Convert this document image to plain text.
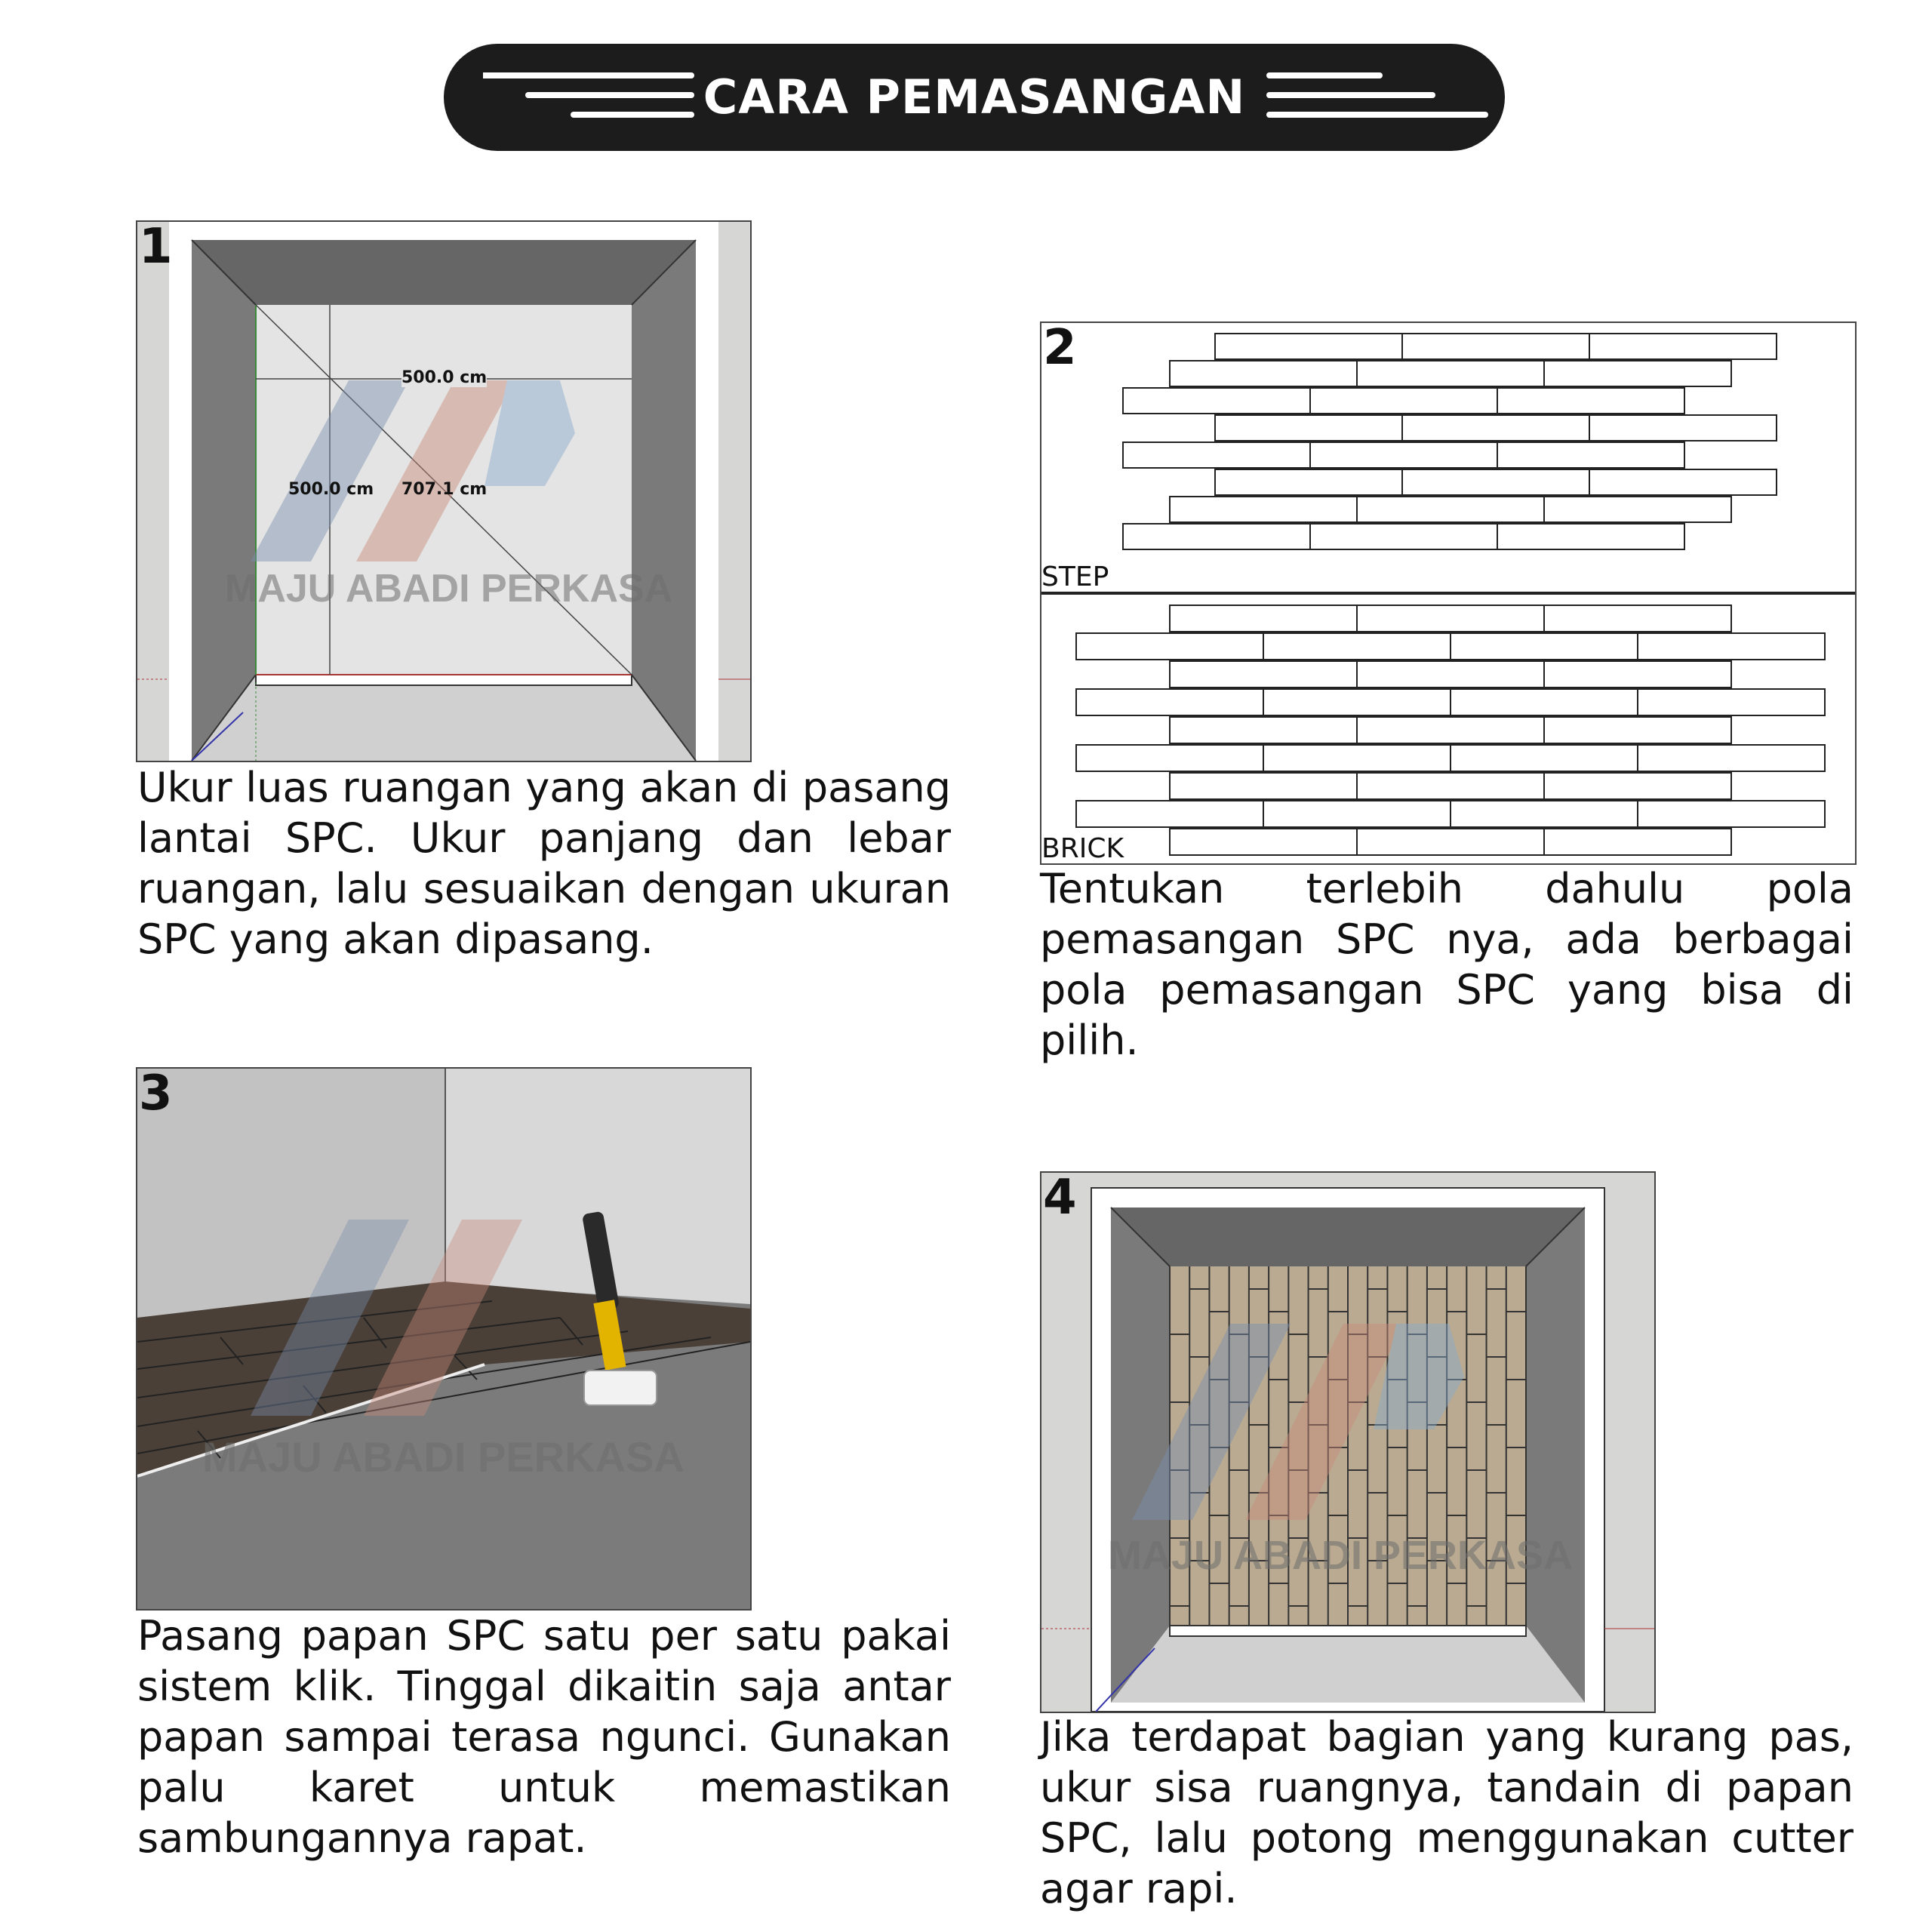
CARA PEMASANGAN
1
500.0 cm
500.0 cm 707.1 cm
MAJU ABADI PERKASA
Ukur luas ruangan yang akan di pasang lantai SPC. Ukur panjang dan lebar ruangan, lalu sesuaikan dengan ukuran SPC yang akan dipasang.
2
STEP
BRICK
Tentukan terlebih dahulu pola pemasangan SPC nya, ada berbagai pola pemasangan SPC yang bisa di pilih.
3
MAJU ABADI PERKASA
Pasang papan SPC satu per satu pakai sistem klik. Tinggal dikaitin saja antar papan sampai terasa ngunci. Gunakan palu karet untuk memastikan sambungannya rapat.
4
MAJU ABADI PERKASA
Jika terdapat bagian yang kurang pas, ukur sisa ruangnya, tandain di papan SPC, lalu potong menggunakan cutter agar rapi.
